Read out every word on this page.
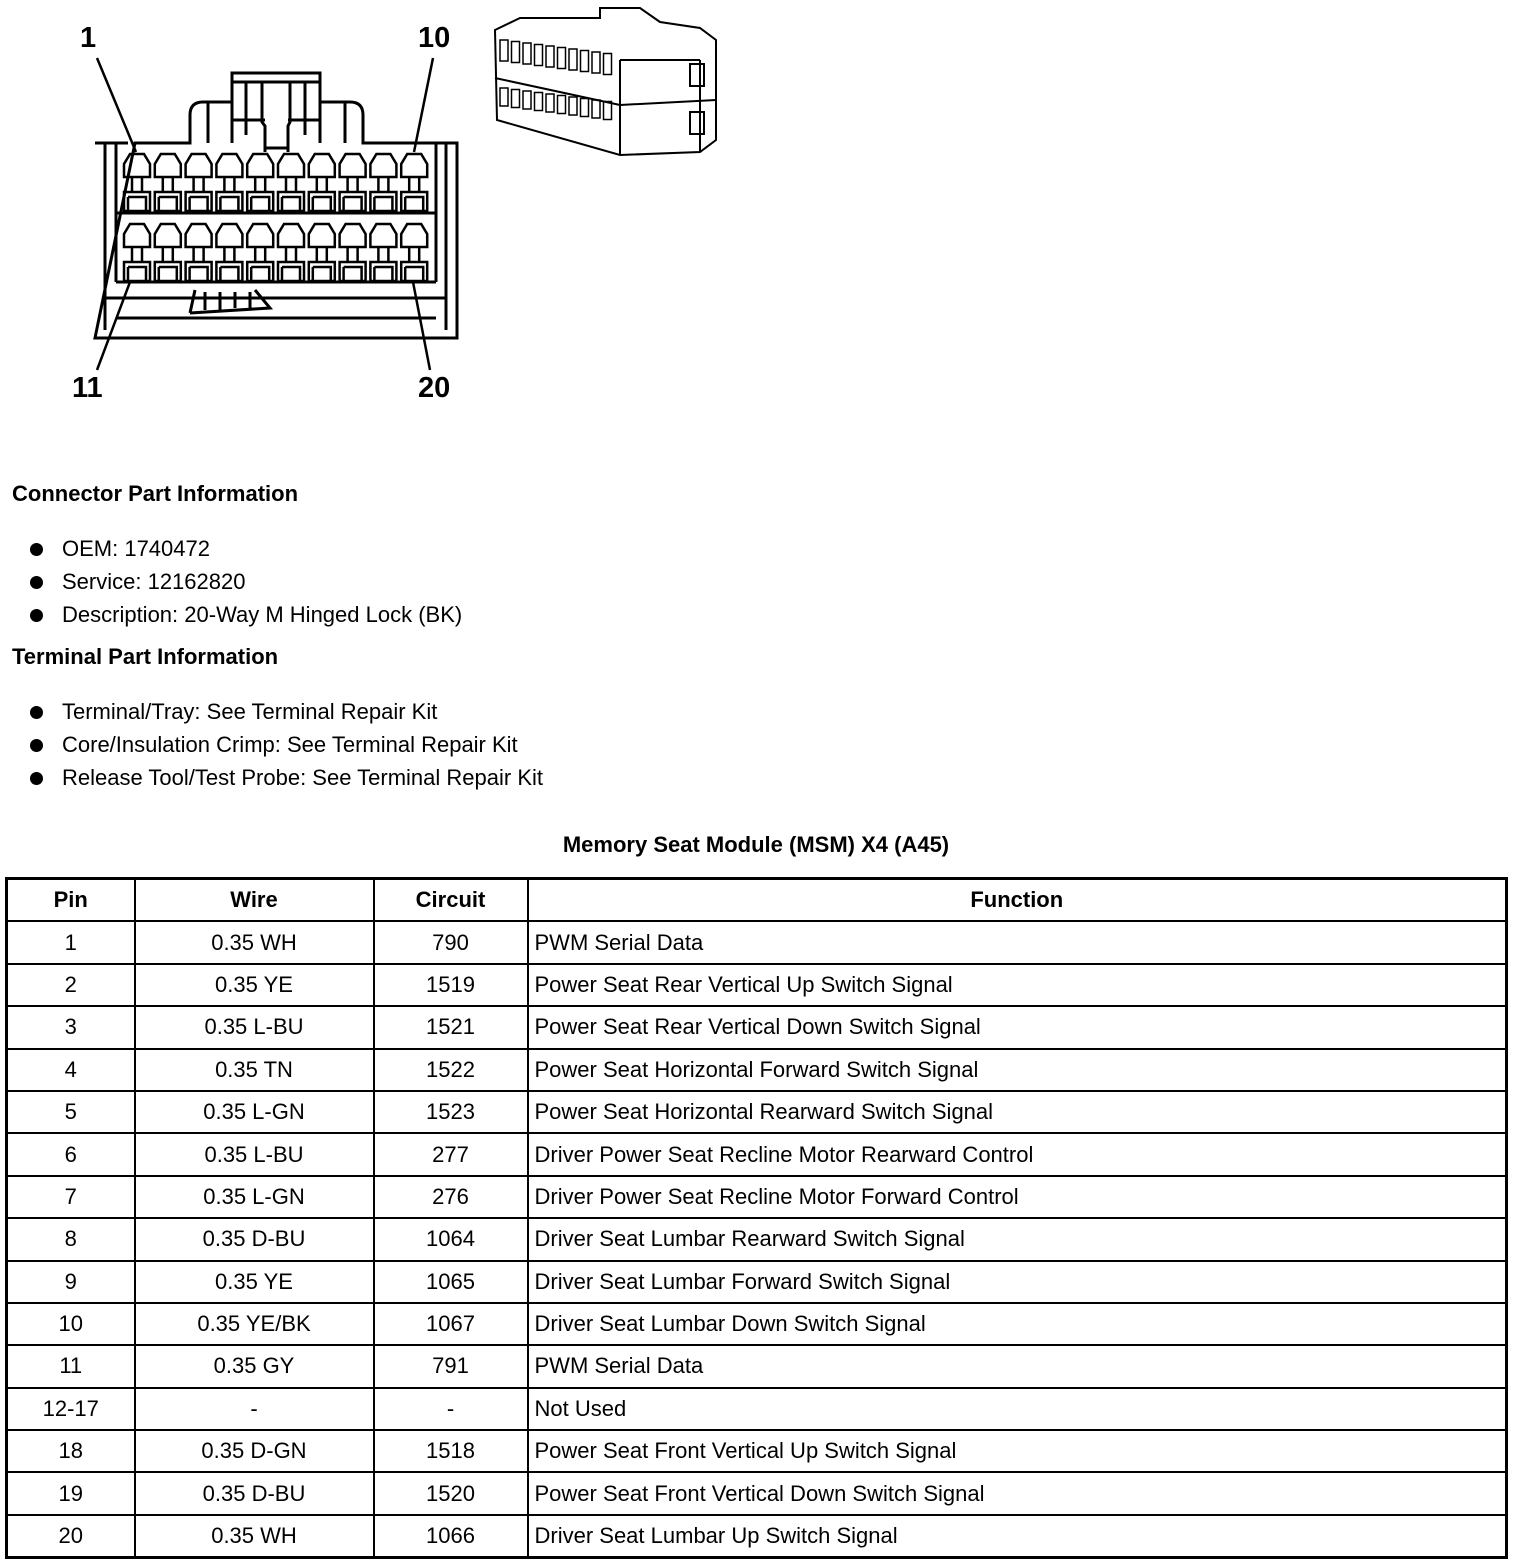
1	10
11	20
Connector Part Information
OEM: 1740472
Service: 12162820
Description: 20-Way M Hinged Lock (BK)
Terminal Part Information
Terminal/Tray: See Terminal Repair Kit
Core/Insulation Crimp: See Terminal Repair Kit
Release Tool/Test Probe: See Terminal Repair Kit
Memory Seat Module (MSM) X4 (A45)
Pin	Wire	Circuit	Function
1	0.35 WH	790	PWM Serial Data
2	0.35 YE	1519	Power Seat Rear Vertical Up Switch Signal
3	0.35 L-BU	1521	Power Seat Rear Vertical Down Switch Signal
4	0.35 TN	1522	Power Seat Horizontal Forward Switch Signal
5	0.35 L-GN	1523	Power Seat Horizontal Rearward Switch Signal
6	0.35 L-BU	277	Driver Power Seat Recline Motor Rearward Control
7	0.35 L-GN	276	Driver Power Seat Recline Motor Forward Control
8	0.35 D-BU	1064	Driver Seat Lumbar Rearward Switch Signal
9	0.35 YE	1065	Driver Seat Lumbar Forward Switch Signal
10	0.35 YE/BK	1067	Driver Seat Lumbar Down Switch Signal
11	0.35 GY	791	PWM Serial Data
12-17	-	-	Not Used
18	0.35 D-GN	1518	Power Seat Front Vertical Up Switch Signal
19	0.35 D-BU	1520	Power Seat Front Vertical Down Switch Signal
20	0.35 WH	1066	Driver Seat Lumbar Up Switch Signal
